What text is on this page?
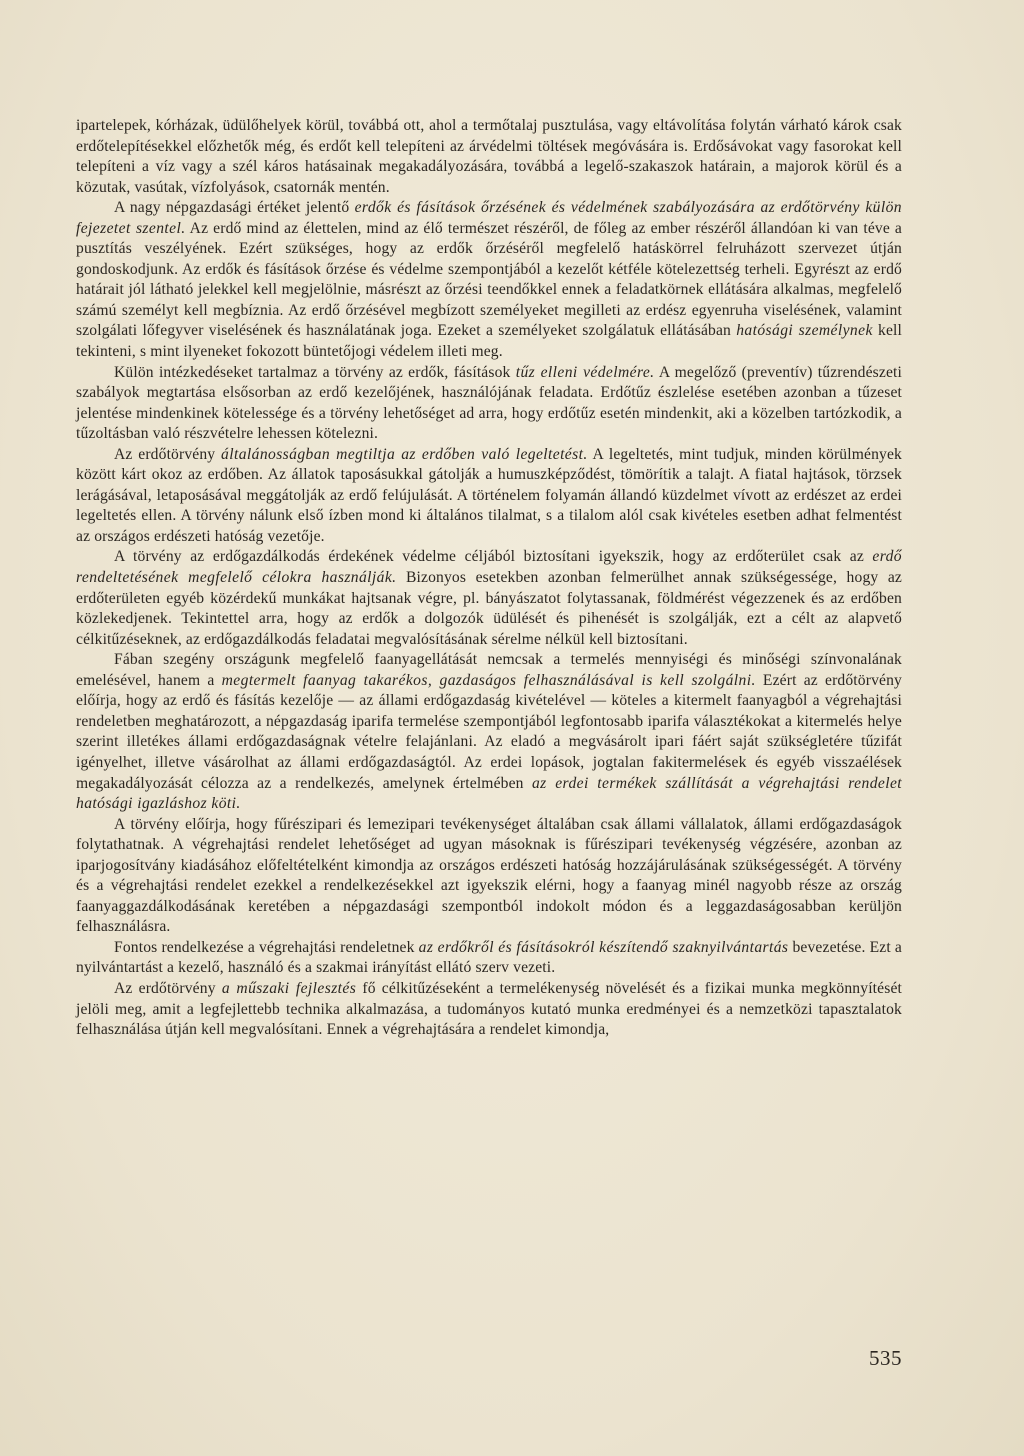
ipartelepek, kórházak, üdülőhelyek körül, továbbá ott, ahol a termőtalaj pusztulása, vagy eltávolítása folytán várható károk csak erdőtelepítésekkel előzhetők még, és erdőt kell telepíteni az árvédelmi töltések megóvására is. Erdősávokat vagy fasorokat kell telepíteni a víz vagy a szél káros hatásainak megakadályozására, továbbá a legelő-szakaszok határain, a majorok körül és a közutak, vasútak, vízfolyások, csatornák mentén.

A nagy népgazdasági értéket jelentő erdők és fásítások őrzésének és védelmének szabályozására az erdőtörvény külön fejezetet szentel. Az erdő mind az élettelen, mind az élő természet részéről, de főleg az ember részéről állandóan ki van téve a pusztítás veszélyének. Ezért szükséges, hogy az erdők őrzéséről megfelelő hatáskörrel felruházott szervezet útján gondoskodjunk. Az erdők és fásítások őrzése és védelme szempontjából a kezelőt kétféle kötelezettség terheli. Egyrészt az erdő határait jól látható jelekkel kell megjelölnie, másrészt az őrzési teendőkkel ennek a feladatkörnek ellátására alkalmas, megfelelő számú személyt kell megbíznia. Az erdő őrzésével megbízott személyeket megilleti az erdész egyenruha viselésének, valamint szolgálati lőfegyver viselésének és használatának joga. Ezeket a személyeket szolgálatuk ellátásában hatósági személynek kell tekinteni, s mint ilyeneket fokozott büntetőjogi védelem illeti meg.

Külön intézkedéseket tartalmaz a törvény az erdők, fásítások tűz elleni védelmére. A megelőző (preventív) tűzrendészeti szabályok megtartása elsősorban az erdő kezelőjének, használójának feladata. Erdőtűz észlelése esetében azonban a tűzeset jelentése mindenkinek kötelessége és a törvény lehetőséget ad arra, hogy erdőtűz esetén mindenkit, aki a közelben tartózkodik, a tűzoltásban való részvételre lehessen kötelezni.

Az erdőtörvény általánosságban megtiltja az erdőben való legeltetést. A legeltetés, mint tudjuk, minden körülmények között kárt okoz az erdőben. Az állatok taposásukkal gátolják a humuszképződést, tömörítik a talajt. A fiatal hajtások, törzsek lerágásával, letaposásával meggátolják az erdő felújulását. A történelem folyamán állandó küzdelmet vívott az erdészet az erdei legeltetés ellen. A törvény nálunk első ízben mond ki általános tilalmat, s a tilalom alól csak kivételes esetben adhat felmentést az országos erdészeti hatóság vezetője.

A törvény az erdőgazdálkodás érdekének védelme céljából biztosítani igyekszik, hogy az erdőterület csak az erdő rendeltetésének megfelelő célokra használják. Bizonyos esetekben azonban felmerülhet annak szükségessége, hogy az erdőterületen egyéb közérdekű munkákat hajtsanak végre, pl. bányászatot folytassanak, földmérést végezzenek és az erdőben közlekedjenek. Tekintettel arra, hogy az erdők a dolgozók üdülését és pihenését is szolgálják, ezt a célt az alapvető célkitűzéseknek, az erdőgazdálkodás feladatai megvalósításának sérelme nélkül kell biztosítani.

Fában szegény országunk megfelelő faanyagellátását nemcsak a termelés mennyiségi és minőségi színvonalának emelésével, hanem a megtermelt faanyag takarékos, gazdaságos felhasználásával is kell szolgálni. Ezért az erdőtörvény előírja, hogy az erdő és fásítás kezelője — az állami erdőgazdaság kivételével — köteles a kitermelt faanyagból a végrehajtási rendeletben meghatározott, a népgazdaság iparifa termelése szempontjából legfontosabb iparifa választékokat a kitermelés helye szerint illetékes állami erdőgazdaságnak vételre felajánlani. Az eladó a megvásárolt ipari fáért saját szükségletére tűzifát igényelhet, illetve vásárolhat az állami erdőgazdaságtól. Az erdei lopások, jogtalan fakitermelések és egyéb visszaélések megakadályozását célozza az a rendelkezés, amelynek értelmében az erdei termékek szállítását a végrehajtási rendelet hatósági igazláshoz köti.

A törvény előírja, hogy fűrészipari és lemezipari tevékenységet általában csak állami vállalatok, állami erdőgazdaságok folytathatnak. A végrehajtási rendelet lehetőséget ad ugyan másoknak is fűrészipari tevékenység végzésére, azonban az iparjogosítvány kiadásához előfeltételként kimondja az országos erdészeti hatóság hozzájárulásának szükségességét. A törvény és a végrehajtási rendelet ezekkel a rendelkezésekkel azt igyekszik elérni, hogy a faanyag minél nagyobb része az ország faanyaggazdálkodásának keretében a népgazdasági szempontból indokolt módon és a leggazdaságosabban kerüljön felhasználásra.

Fontos rendelkezése a végrehajtási rendeletnek az erdőkről és fásításokról készítendő szaknyilvántartás bevezetése. Ezt a nyilvántartást a kezelő, használó és a szakmai irányítást ellátó szerv vezeti.

Az erdőtörvény a műszaki fejlesztés fő célkitűzéseként a termelékenység növelését és a fizikai munka megkönnyítését jelöli meg, amit a legfejlettebb technika alkalmazása, a tudományos kutató munka eredményei és a nemzetközi tapasztalatok felhasználása útján kell megvalósítani. Ennek a végrehajtására a rendelet kimondja,

535
